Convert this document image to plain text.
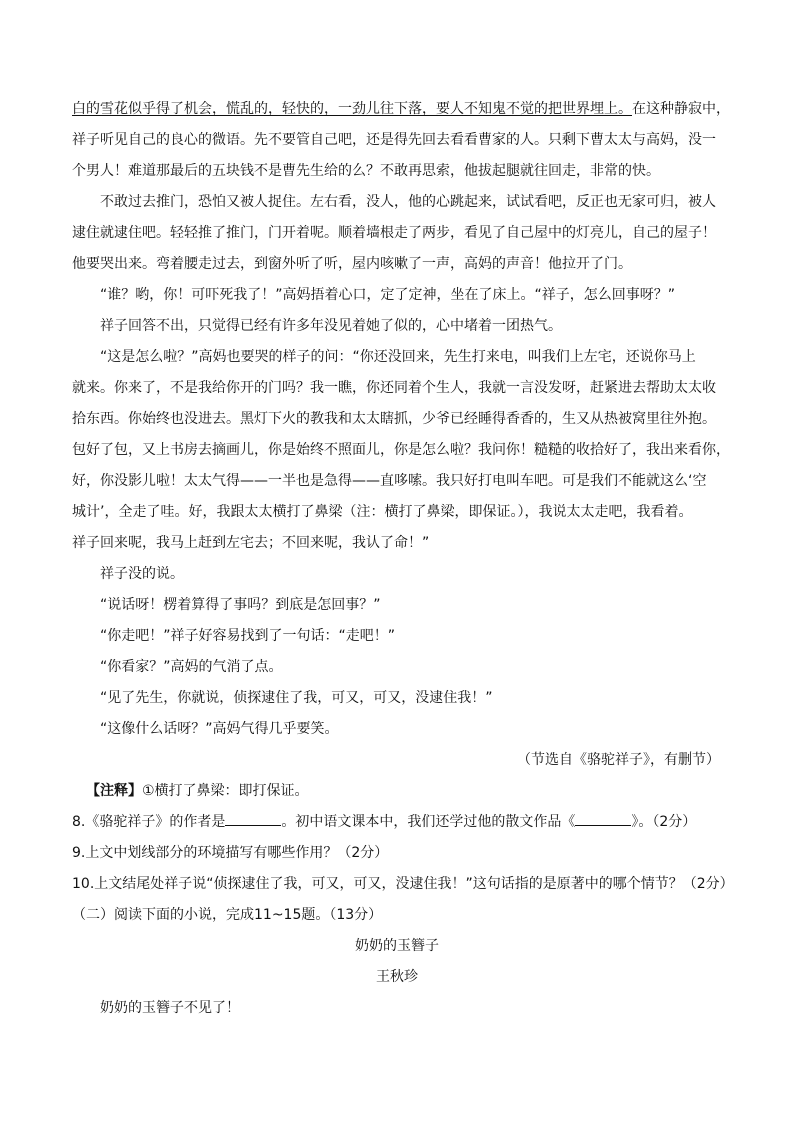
白的雪花似乎得了机会，慌乱的，轻快的，一劲儿往下落，要人不知鬼不觉的把世界埋上。在这种静寂中，
祥子听见自己的良心的微语。先不要管自己吧，还是得先回去看看曹家的人。只剩下曹太太与高妈，没一
个男人！难道那最后的五块钱不是曹先生给的么？不敢再思索，他拔起腿就往回走，非常的快。
不敢过去推门，恐怕又被人捉住。左右看，没人，他的心跳起来，试试看吧，反正也无家可归，被人
逮住就逮住吧。轻轻推了推门，门开着呢。顺着墙根走了两步，看见了自己屋中的灯亮儿，自己的屋子！
他要哭出来。弯着腰走过去，到窗外听了听，屋内咳嗽了一声，高妈的声音！他拉开了门。
“谁？哟，你！可吓死我了！”高妈捂着心口，定了定神，坐在了床上。“祥子，怎么回事呀？”
祥子回答不出，只觉得已经有许多年没见着她了似的，心中堵着一团热气。
“这是怎么啦？”高妈也要哭的样子的问：“你还没回来，先生打来电，叫我们上左宅，还说你马上
就来。你来了，不是我给你开的门吗？我一瞧，你还同着个生人，我就一言没发呀，赶紧进去帮助太太收
拾东西。你始终也没进去。黑灯下火的教我和太太瞎抓，少爷已经睡得香香的，生又从热被窝里往外抱。
包好了包，又上书房去摘画儿，你是始终不照面儿，你是怎么啦？我问你！糙糙的收拾好了，我出来看你，
好，你没影儿啦！太太气得——一半也是急得——直哆嗦。我只好打电叫车吧。可是我们不能就这么‘空
城计’，全走了哇。好，我跟太太横打了鼻梁（注：横打了鼻梁，即保证。），我说太太走吧，我看着。
祥子回来呢，我马上赶到左宅去；不回来呢，我认了命！”
祥子没的说。
“说话呀！楞着算得了事吗？到底是怎回事？”
“你走吧！”祥子好容易找到了一句话：“走吧！”
“你看家？”高妈的气消了点。
“见了先生，你就说，侦探逮住了我，可又，可又，没逮住我！”
“这像什么话呀？”高妈气得几乎要笑。
（节选自《骆驼祥子》，有删节）
【注释】①横打了鼻梁：即打保证。
8.《骆驼祥子》的作者是	。初中语文课本中，我们还学过他的散文作品《	》。（2分）
9.上文中划线部分的环境描写有哪些作用？（2分）
10.上文结尾处祥子说“侦探逮住了我，可又，可又，没逮住我！”这句话指的是原著中的哪个情节？（2分）
（二）阅读下面的小说，完成11~15题。（13分）
奶奶的玉簪子
王秋珍
奶奶的玉簪子不见了！
